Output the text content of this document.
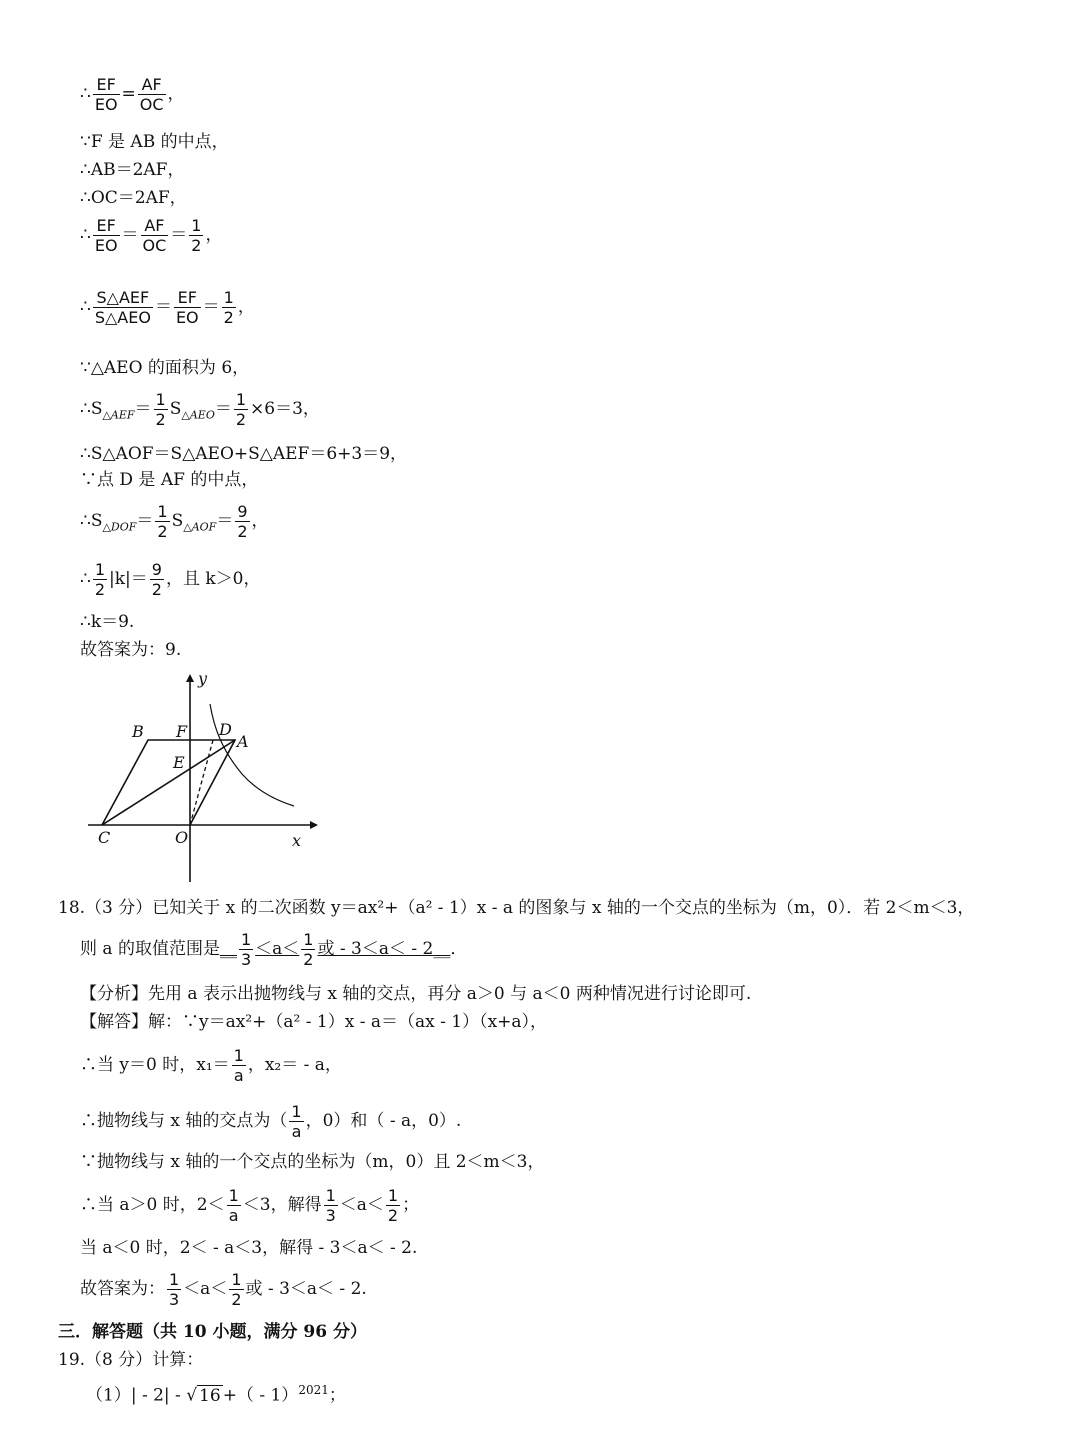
∴ $\frac{EF}{EO} = \frac{AF}{OC}$ ，
∵F 是 AB 的中点，
∴AB＝2AF，
∴OC＝2AF，
∴ $\frac{EF}{EO} = \frac{AF}{OC} = \frac{1}{2}$ ，
∴ $\frac{\text{S△AEF}}{\text{S△AEO}} = \frac{EF}{EO} = \frac{1}{2}$ ，
∵△AEO 的面积为 6，
$\therefore S_{\triangle AEF}= \frac{1}{2} S_{\triangle AEO}= \frac{1}{2} \times 6=3$，
∴S△AOF＝S△AEO+S△AEF＝6+3＝9，
∵点 D 是 AF 的中点，
$\therefore S_{\triangle DOF}= \frac{1}{2} S_{\triangle AOF}= \frac{9}{2}$ ，
∴ $\frac{1}{2} |k|= \frac{9}{2}$ ，且 k＞0，
∴k＝9.
故答案为：9.
y
x
B F D
A
E
C	O
18.（3 分）已知关于 x 的二次函数 y＝ax²+（a² - 1）x - a 的图象与 x 轴的一个交点的坐标为（m，0）．若 2＜m＜3，
则 a 的取值范围是__ $\frac{1}{3} <a< \frac{1}{2}$ 或 - 3＜a＜ - 2__．
【分析】先用 a 表示出抛物线与 x 轴的交点，再分 a＞0 与 a＜0 两种情况进行讨论即可.
【解答】解：∵y＝ax²+（a² - 1）x - a＝（ax - 1）（x+a），
∴当 y＝0 时，$x_1= \frac{1}{a}$ ，x₂＝ - a，
∴抛物线与 x 轴的交点为（ $\frac{1}{a}$ ，0）和（ - a，0）.
∵抛物线与 x 轴的一个交点的坐标为（m，0）且 2＜m＜3，
∴当 a＞0 时，$2< \frac{1}{a} <3$，解得 $\frac{1}{3} <a< \frac{1}{2}$ ；
当 a＜0 时，2＜ - a＜3，解得 - 3＜a＜ - 2.
故答案为： $\frac{1}{3} <a< \frac{1}{2}$ 或 - 3＜a＜ - 2.
三．解答题（共 10 小题，满分 96 分）
19.（8 分）计算：
（1）| - 2| - √ 16 +（ - 1）$^{2021}$；
